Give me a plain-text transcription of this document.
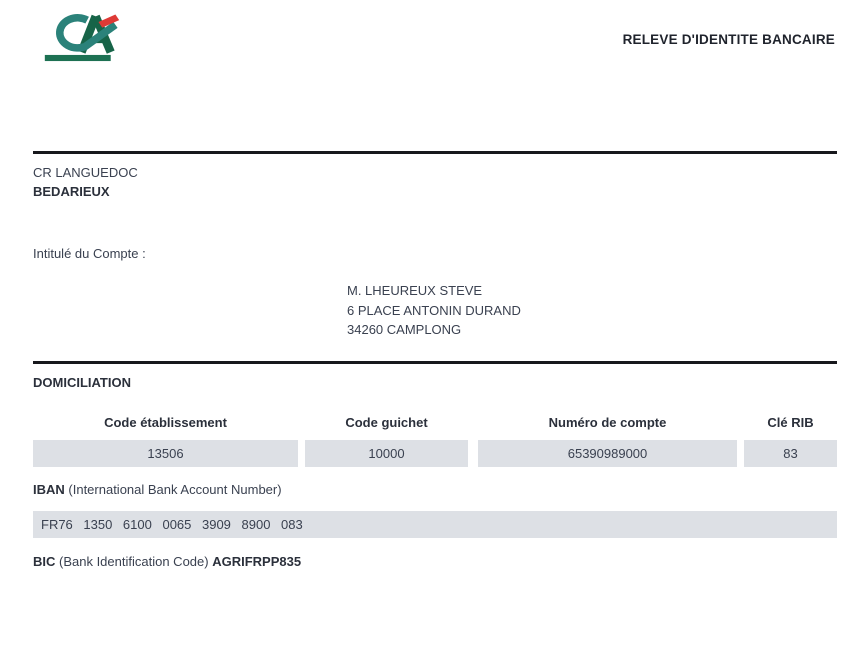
RELEVE D'IDENTITE BANCAIRE
CR LANGUEDOC
BEDARIEUX
Intitulé du Compte :
M. LHEUREUX STEVE
6 PLACE ANTONIN DURAND
34260 CAMPLONG
DOMICILIATION
Code établissement	Code guichet	Numéro de compte	Clé RIB
13506	10000	65390989000	83
IBAN (International Bank Account Number)
FR76 1350 6100 0065 3909 8900 083
BIC (Bank Identification Code) AGRIFRPP835
